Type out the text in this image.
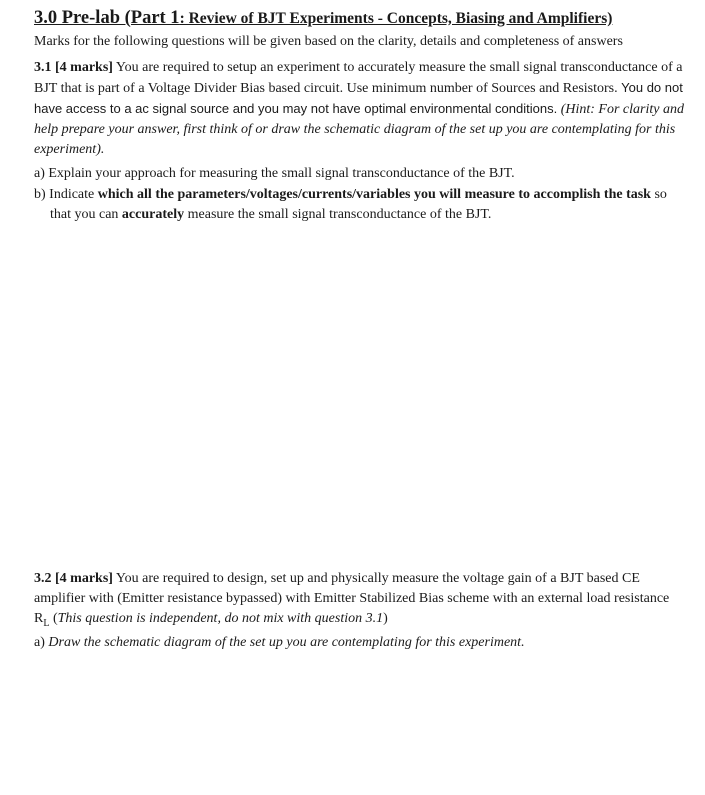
3.0 Pre-lab (Part 1: Review of BJT Experiments - Concepts, Biasing and Amplifiers)

Marks for the following questions will be given based on the clarity, details and completeness of answers

3.1 [4 marks] You are required to setup an experiment to accurately measure the small signal transconductance of a BJT that is part of a Voltage Divider Bias based circuit. Use minimum number of Sources and Resistors. You do not have access to a ac signal source and you may not have optimal environmental conditions. (Hint: For clarity and help prepare your answer, first think of or draw the schematic diagram of the set up you are contemplating for this experiment).

a) Explain your approach for measuring the small signal transconductance of the BJT.

b) Indicate which all the parameters/voltages/currents/variables you will measure to accomplish the task so that you can accurately measure the small signal transconductance of the BJT.

3.2 [4 marks] You are required to design, set up and physically measure the voltage gain of a BJT based CE amplifier with (Emitter resistance bypassed) with Emitter Stabilized Bias scheme with an external load resistance $R_L$ (This question is independent, do not mix with question 3.1)

a) Draw the schematic diagram of the set up you are contemplating for this experiment.
